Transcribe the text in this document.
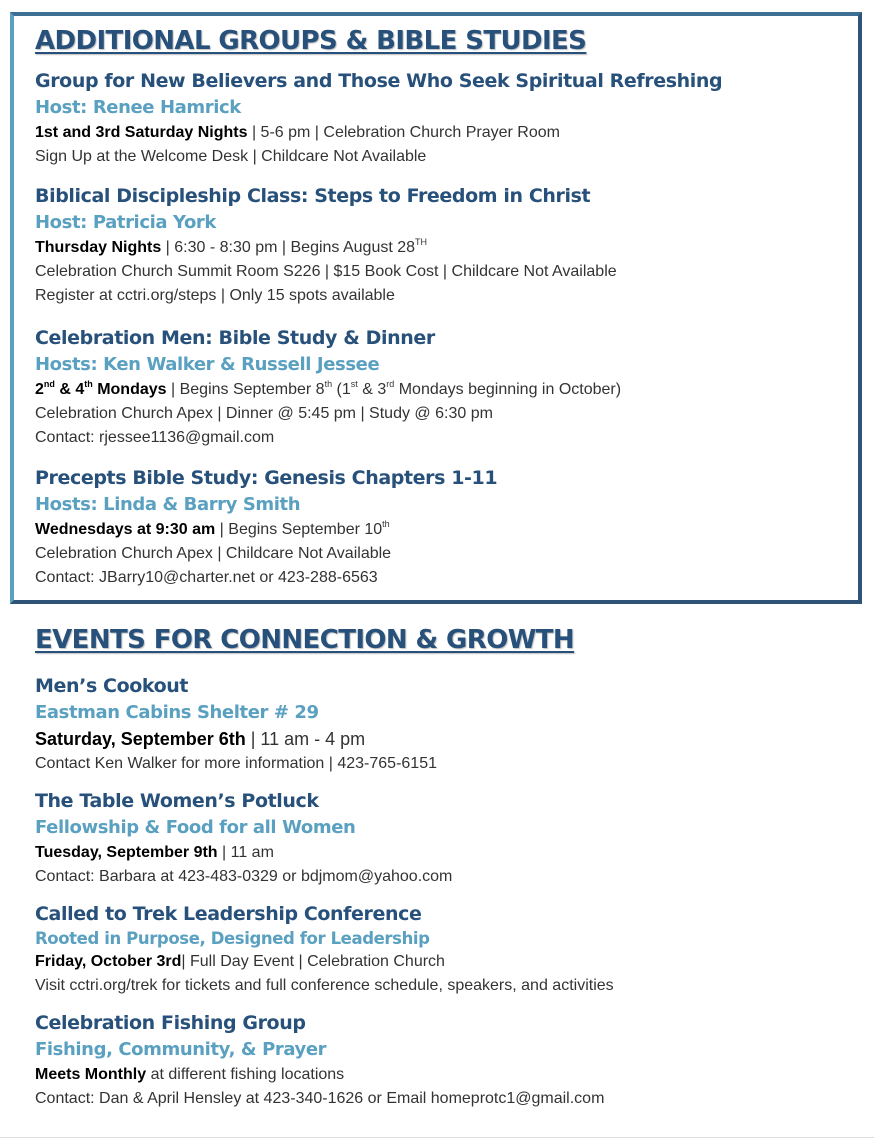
ADDITIONAL GROUPS & BIBLE STUDIES
Group for New Believers and Those Who Seek Spiritual Refreshing
Host: Renee Hamrick
1st and 3rd Saturday Nights | 5-6 pm | Celebration Church Prayer Room
Sign Up at the Welcome Desk | Childcare Not Available
Biblical Discipleship Class: Steps to Freedom in Christ
Host: Patricia York
Thursday Nights | 6:30 - 8:30 pm | Begins August 28TH
Celebration Church Summit Room S226 | $15 Book Cost | Childcare Not Available
Register at cctri.org/steps | Only 15 spots available
Celebration Men: Bible Study & Dinner
Hosts: Ken Walker & Russell Jessee
2nd & 4th Mondays | Begins September 8th (1st & 3rd Mondays beginning in October)
Celebration Church Apex | Dinner @ 5:45 pm | Study @ 6:30 pm
Contact: rjessee1136@gmail.com
Precepts Bible Study: Genesis Chapters 1-11
Hosts: Linda & Barry Smith
Wednesdays at 9:30 am | Begins September 10th
Celebration Church Apex | Childcare Not Available
Contact: JBarry10@charter.net or 423-288-6563
EVENTS FOR CONNECTION & GROWTH
Men’s Cookout
Eastman Cabins Shelter # 29
Saturday, September 6th | 11 am - 4 pm
Contact Ken Walker for more information | 423-765-6151
The Table Women’s Potluck
Fellowship & Food for all Women
Tuesday, September 9th | 11 am
Contact: Barbara at 423-483-0329 or bdjmom@yahoo.com
Called to Trek Leadership Conference
Rooted in Purpose, Designed for Leadership
Friday, October 3rd| Full Day Event | Celebration Church
Visit cctri.org/trek for tickets and full conference schedule, speakers, and activities
Celebration Fishing Group
Fishing, Community, & Prayer
Meets Monthly at different fishing locations
Contact: Dan & April Hensley at 423-340-1626 or Email homeprotc1@gmail.com
